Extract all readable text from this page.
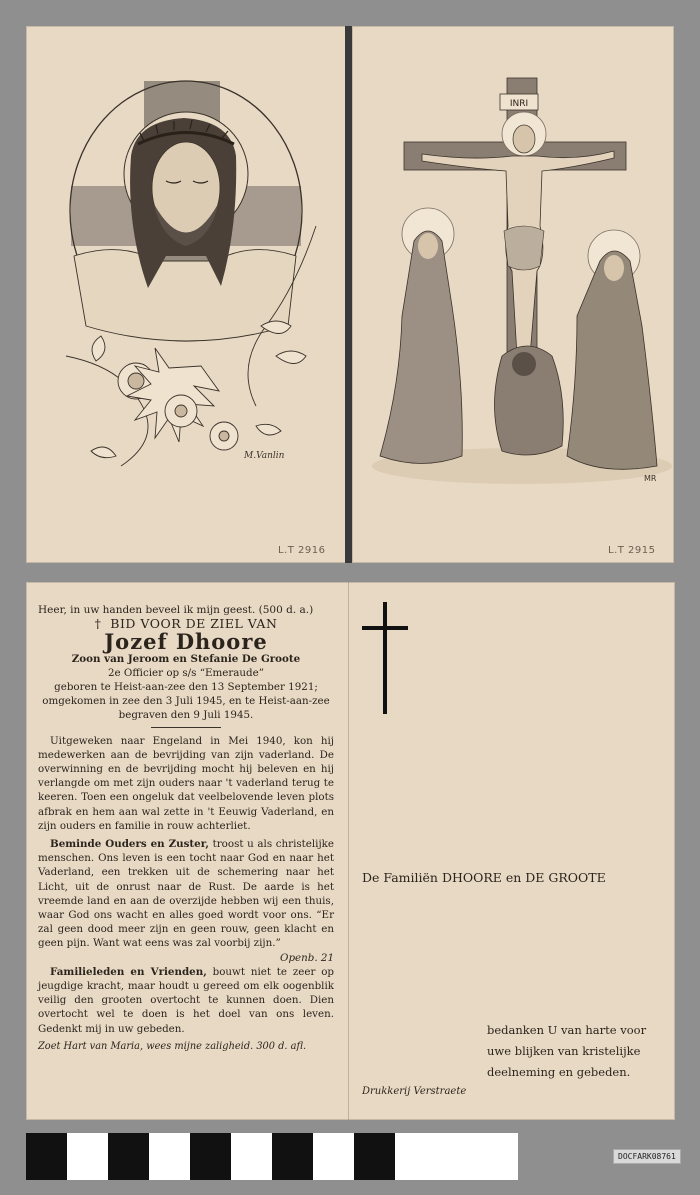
M.Vanlin
L.T 2916
INRI
MR
L.T 2915
Heer, in uw handen beveel ik mijn geest. (500 d. a.)
† BID VOOR DE ZIEL VAN
Jozef Dhoore
Zoon van Jeroom en Stefanie De Groote
2e Officier op s/s “Emeraude”
geboren te Heist-aan-zee den 13 September 1921;
omgekomen in zee den 3 Juli 1945, en te Heist-aan-zee
begraven den 9 Juli 1945.

Uitgeweken naar Engeland in Mei 1940, kon hij medewerken aan de bevrijding van zijn vaderland. De overwinning en de bevrijding mocht hij beleven en hij verlangde om met zijn ouders naar 't vaderland terug te keeren. Toen een ongeluk dat veelbelovende leven plots afbrak en hem aan wal zette in 't Eeuwig Vaderland, en zijn ouders en familie in rouw achterliet.

Beminde Ouders en Zuster, troost u als christelijke menschen. Ons leven is een tocht naar God en naar het Vaderland, een trekken uit de schemering naar het Licht, uit de onrust naar de Rust. De aarde is het vreemde land en aan de overzijde hebben wij een thuis, waar God ons wacht en alles goed wordt voor ons. “Er zal geen dood meer zijn en geen rouw, geen klacht en geen pijn. Want wat eens was zal voorbij zijn.”
Openb. 21

Familieleden en Vrienden, bouwt niet te zeer op jeugdige kracht, maar houdt u gereed om elk oogenblik veilig den grooten overtocht te kunnen doen. Dien overtocht wel te doen is het doel van ons leven. Gedenkt mij in uw gebeden.

Zoet Hart van Maria, wees mijne zaligheid. 300 d. afl.
De Familiën DHOORE en DE GROOTE
bedanken U van harte voor
uwe blijken van kristelijke
deelneming en gebeden.
Drukkerij Verstraete
DOCFARK08761
